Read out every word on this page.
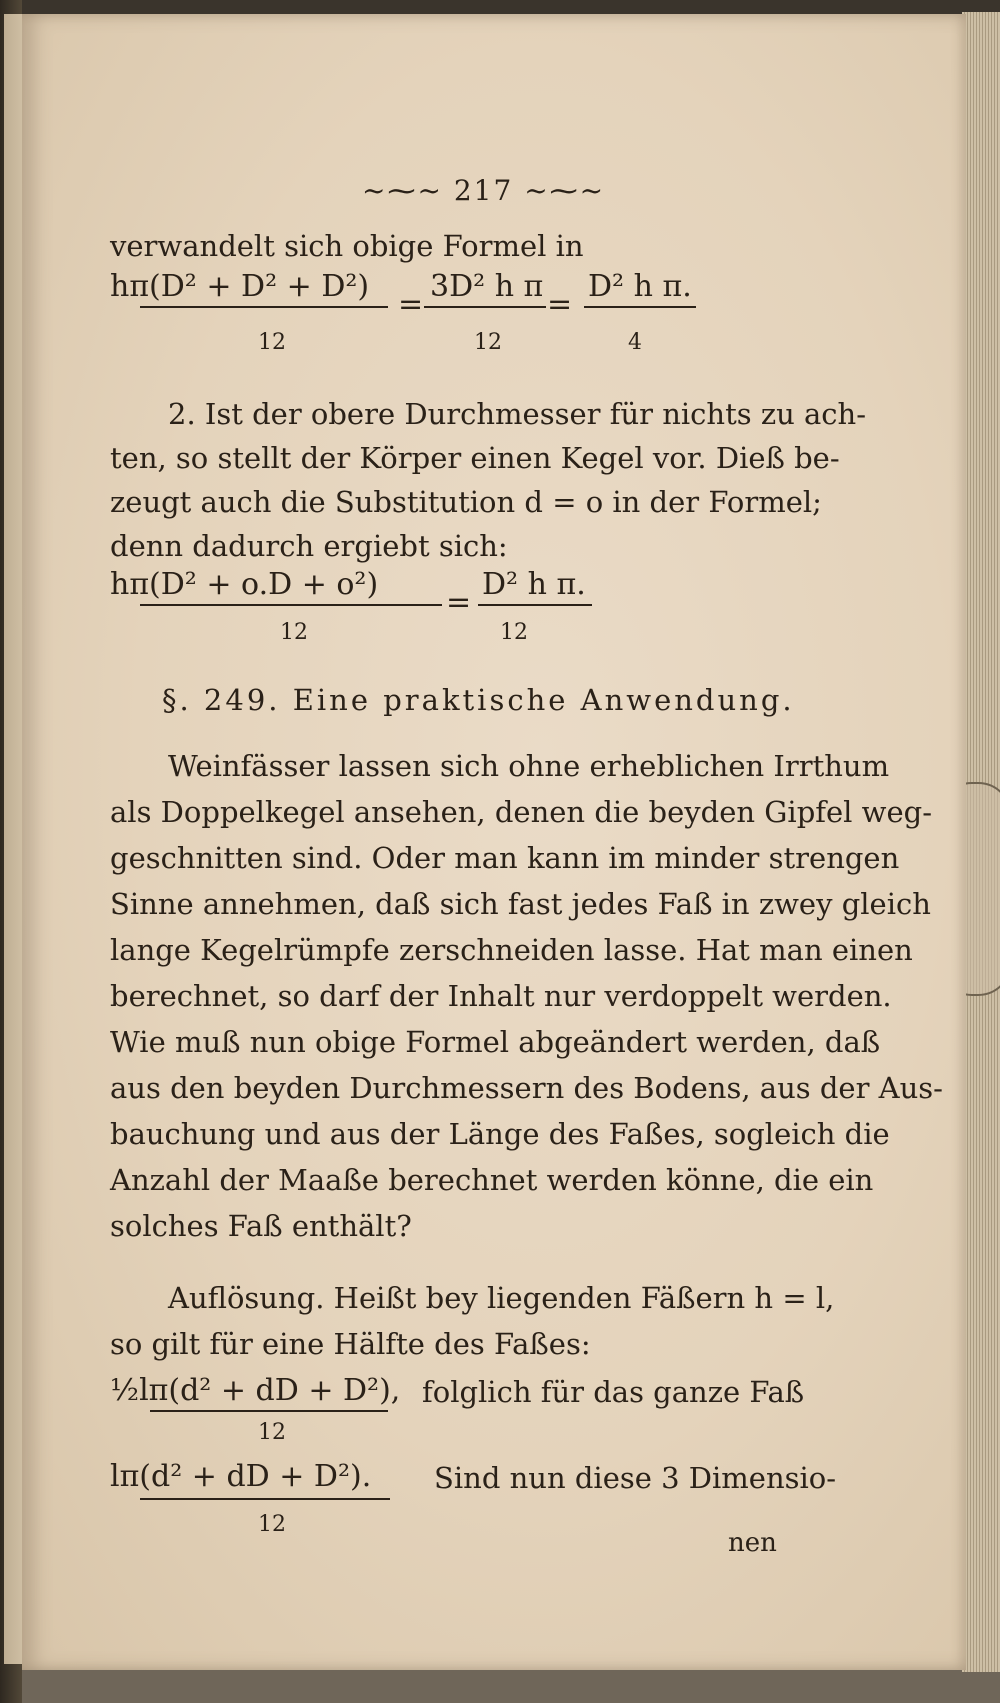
~⁓~ 217 ~⁓~
verwandelt sich obige Formel in
hπ(D² + D² + D²)
=
3D² h π
=
D² h π.
12	12	4
2. Ist der obere Durchmesser für nichts zu ach-
ten, so stellt der Körper einen Kegel vor. Dieß be-
zeugt auch die Substitution d = o in der Formel;
denn dadurch ergiebt sich:
hπ(D² + o.D + o²)
=
D² h π.
12	12
§. 249. Eine praktische Anwendung.
Weinfässer lassen sich ohne erheblichen Irrthum
als Doppelkegel ansehen, denen die beyden Gipfel weg-
geschnitten sind. Oder man kann im minder strengen
Sinne annehmen, daß sich fast jedes Faß in zwey gleich
lange Kegelrümpfe zerschneiden lasse. Hat man einen
berechnet, so darf der Inhalt nur verdoppelt werden.
Wie muß nun obige Formel abgeändert werden, daß
aus den beyden Durchmessern des Bodens, aus der Aus-
bauchung und aus der Länge des Faßes, sogleich die
Anzahl der Maaße berechnet werden könne, die ein
solches Faß enthält?
Auflösung. Heißt bey liegenden Fäßern h = l,
so gilt für eine Hälfte des Faßes:
½lπ(d² + dD + D²), folglich für das ganze Faß
12
lπ(d² + dD + D²). Sind nun diese 3 Dimensio-
12
nen
